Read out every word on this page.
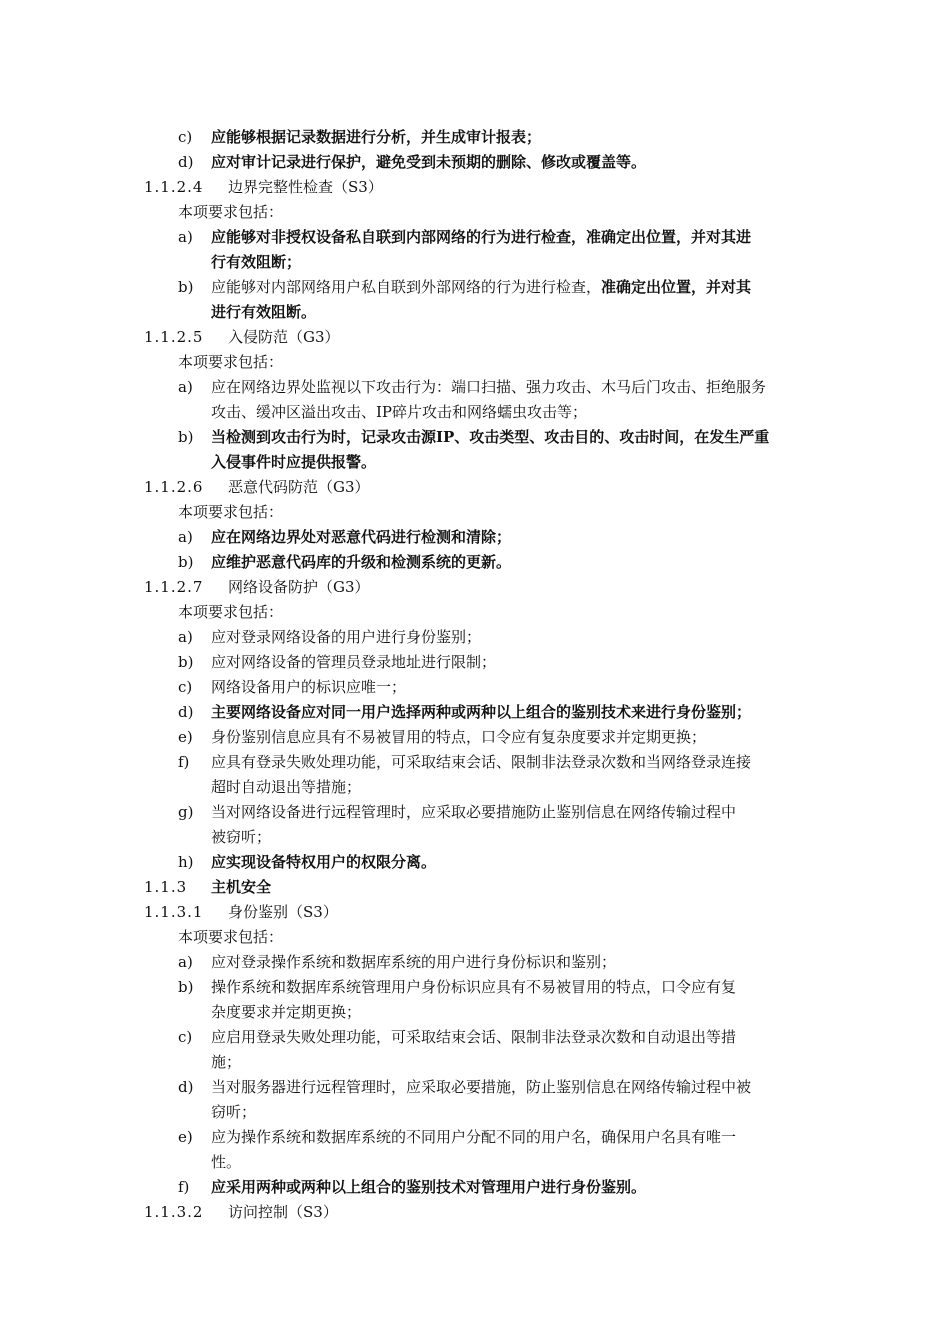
c) 应能够根据记录数据进行分析，并生成审计报表；
d) 应对审计记录进行保护，避免受到未预期的删除、修改或覆盖等。
1.1.2.4 边界完整性检查（S3）
本项要求包括：
a) 应能够对非授权设备私自联到内部网络的行为进行检查，准确定出位置，并对其进
行有效阻断；
b) 应能够对内部网络用户私自联到外部网络的行为进行检查，准确定出位置，并对其
进行有效阻断。
1.1.2.5 入侵防范（G3）
本项要求包括：
a) 应在网络边界处监视以下攻击行为：端口扫描、强力攻击、木马后门攻击、拒绝服务
攻击、缓冲区溢出攻击、IP碎片攻击和网络蠕虫攻击等；
b) 当检测到攻击行为时，记录攻击源IP、攻击类型、攻击目的、攻击时间，在发生严重
入侵事件时应提供报警。
1.1.2.6 恶意代码防范（G3）
本项要求包括：
a) 应在网络边界处对恶意代码进行检测和清除；
b) 应维护恶意代码库的升级和检测系统的更新。
1.1.2.7 网络设备防护（G3）
本项要求包括：
a) 应对登录网络设备的用户进行身份鉴别；
b) 应对网络设备的管理员登录地址进行限制；
c) 网络设备用户的标识应唯一；
d) 主要网络设备应对同一用户选择两种或两种以上组合的鉴别技术来进行身份鉴别；
e) 身份鉴别信息应具有不易被冒用的特点，口令应有复杂度要求并定期更换；
f) 应具有登录失败处理功能，可采取结束会话、限制非法登录次数和当网络登录连接
超时自动退出等措施；
g) 当对网络设备进行远程管理时，应采取必要措施防止鉴别信息在网络传输过程中
被窃听；
h) 应实现设备特权用户的权限分离。
1.1.3 主机安全
1.1.3.1 身份鉴别（S3）
本项要求包括：
a) 应对登录操作系统和数据库系统的用户进行身份标识和鉴别；
b) 操作系统和数据库系统管理用户身份标识应具有不易被冒用的特点，口令应有复
杂度要求并定期更换；
c) 应启用登录失败处理功能，可采取结束会话、限制非法登录次数和自动退出等措
施；
d) 当对服务器进行远程管理时，应采取必要措施，防止鉴别信息在网络传输过程中被
窃听；
e) 应为操作系统和数据库系统的不同用户分配不同的用户名，确保用户名具有唯一
性。
f) 应采用两种或两种以上组合的鉴别技术对管理用户进行身份鉴别。
1.1.3.2 访问控制（S3）
